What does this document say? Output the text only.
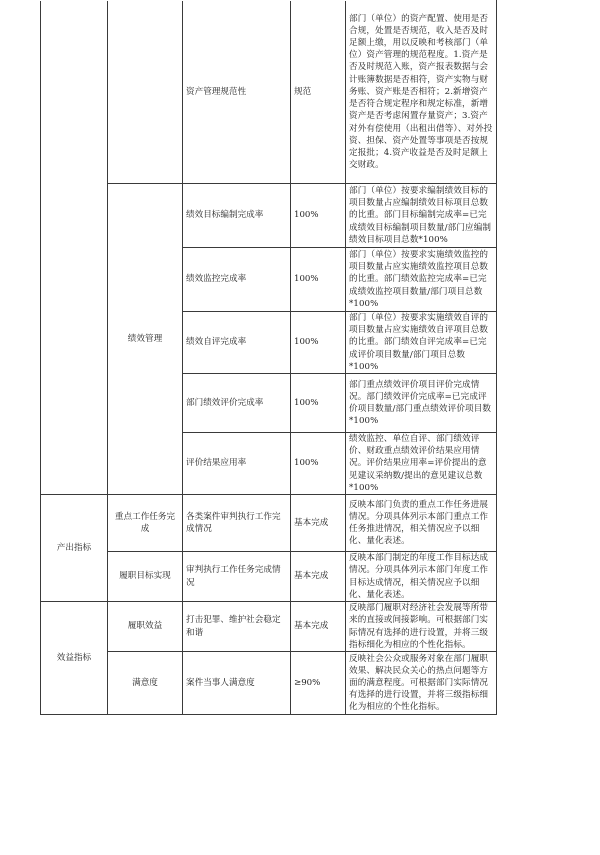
		资产管理规范性	规范	部门（单位）的资产配置、使用是否合规，处置是否规范，收入是否及时足额上缴，用以反映和考核部门（单位）资产管理的规范程度。1.资产是否及时规范入账，资产报表数据与会计账簿数据是否相符，资产实物与财务账、资产账是否相符；2.新增资产是否符合规定程序和规定标准，新增资产是否考虑闲置存量资产；3.资产对外有偿使用（出租出借等）、对外投资、担保、资产处置等事项是否按规定报批；4.资产收益是否及时足额上交财政。
	绩效管理	绩效目标编制完成率	100%	部门（单位）按要求编制绩效目标的项目数量占应编制绩效目标项目总数的比重。部门目标编制完成率=已完成绩效目标编制项目数量/部门应编制绩效目标项目总数*100%
		绩效监控完成率	100%	部门（单位）按要求实施绩效监控的项目数量占应实施绩效监控项目总数的比重。部门绩效监控完成率=已完成绩效监控项目数量/部门项目总数*100%
		绩效自评完成率	100%	部门（单位）按要求实施绩效自评的项目数量占应实施绩效自评项目总数的比重。部门绩效自评完成率=已完成评价项目数量/部门项目总数*100%
		部门绩效评价完成率	100%	部门重点绩效评价项目评价完成情况。部门绩效评价完成率=已完成评价项目数量/部门重点绩效评价项目数*100%
		评价结果应用率	100%	绩效监控、单位自评、部门绩效评价、财政重点绩效评价结果应用情况。评价结果应用率=评价提出的意见建议采纳数/提出的意见建议总数*100%
产出指标	重点工作任务完成	各类案件审判执行工作完成情况	基本完成	反映本部门负责的重点工作任务进展情况。分项具体列示本部门重点工作任务推进情况，相关情况应予以细化、量化表述。
	履职目标实现	审判执行工作任务完成情况	基本完成	反映本部门制定的年度工作目标达成情况。分项具体列示本部门年度工作目标达成情况，相关情况应予以细化、量化表述。
效益指标	履职效益	打击犯罪、维护社会稳定和谐	基本完成	反映部门履职对经济社会发展等所带来的直接或间接影响。可根据部门实际情况有选择的进行设置，并将三级指标细化为相应的个性化指标。
	满意度	案件当事人满意度	≥90%	反映社会公众或服务对象在部门履职效果、解决民众关心的热点问题等方面的满意程度。可根据部门实际情况有选择的进行设置，并将三级指标细化为相应的个性化指标。
